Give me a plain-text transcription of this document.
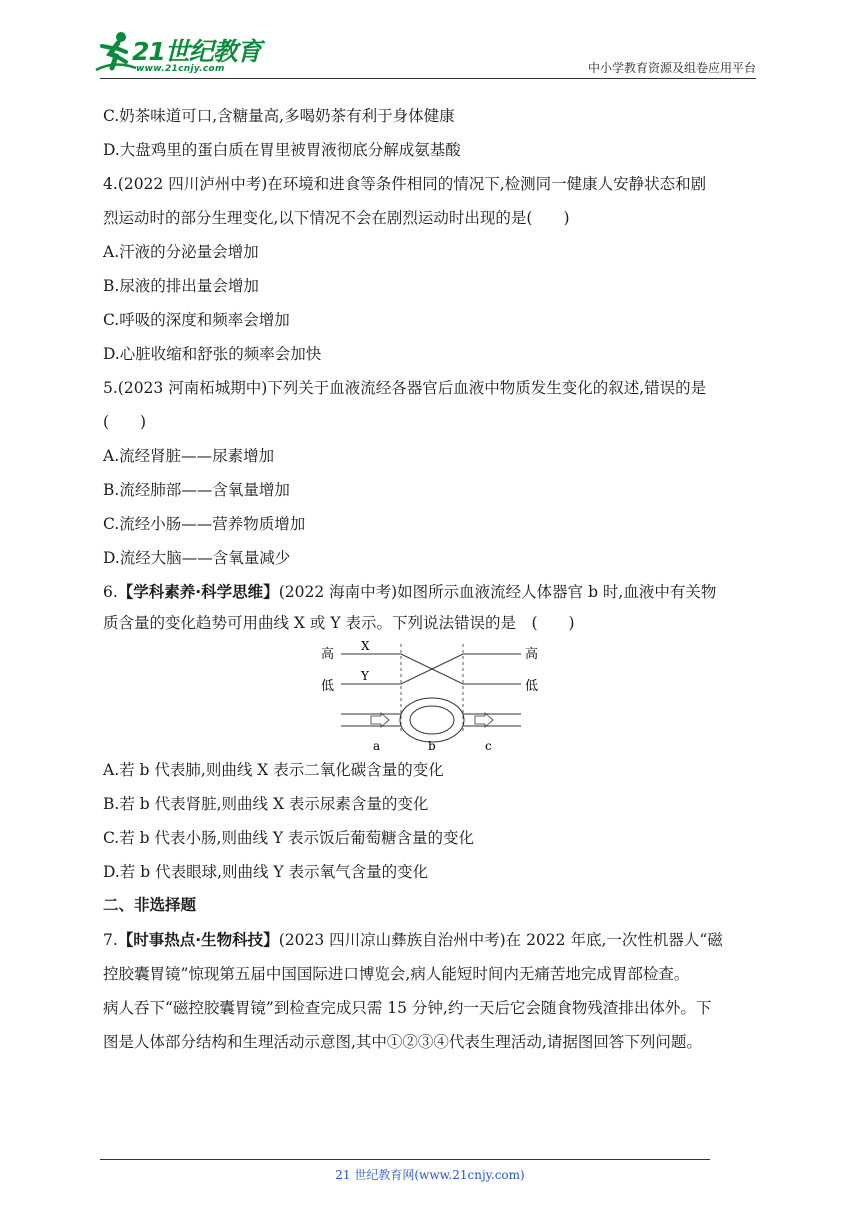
21世纪教育
www.21cnjy.com	中小学教育资源及组卷应用平台
C.奶茶味道可口,含糖量高,多喝奶茶有利于身体健康
D.大盘鸡里的蛋白质在胃里被胃液彻底分解成氨基酸
4.(2022 四川泸州中考)在环境和进食等条件相同的情况下,检测同一健康人安静状态和剧
烈运动时的部分生理变化,以下情况不会在剧烈运动时出现的是(　　)
A.汗液的分泌量会增加
B.尿液的排出量会增加
C.呼吸的深度和频率会增加
D.心脏收缩和舒张的频率会加快
5.(2023 河南柘城期中)下列关于血液流经各器官后血液中物质发生变化的叙述,错误的是
(　　)
A.流经肾脏——尿素增加
B.流经肺部——含氧量增加
C.流经小肠——营养物质增加
D.流经大脑——含氧量减少
6.【学科素养·科学思维】(2022 海南中考)如图所示血液流经人体器官 b 时,血液中有关物
质含量的变化趋势可用曲线 X 或 Y 表示。下列说法错误的是　(　　)
高
低
高
低
X
Y
a	b	c
A.若 b 代表肺,则曲线 X 表示二氧化碳含量的变化
B.若 b 代表肾脏,则曲线 X 表示尿素含量的变化
C.若 b 代表小肠,则曲线 Y 表示饭后葡萄糖含量的变化
D.若 b 代表眼球,则曲线 Y 表示氧气含量的变化
二、非选择题
7.【时事热点·生物科技】(2023 四川凉山彝族自治州中考)在 2022 年底,一次性机器人“磁
控胶囊胃镜”惊现第五届中国国际进口博览会,病人能短时间内无痛苦地完成胃部检查。
病人吞下“磁控胶囊胃镜”到检查完成只需 15 分钟,约一天后它会随食物残渣排出体外。下
图是人体部分结构和生理活动示意图,其中①②③④代表生理活动,请据图回答下列问题。
21 世纪教育网(www.21cnjy.com)
